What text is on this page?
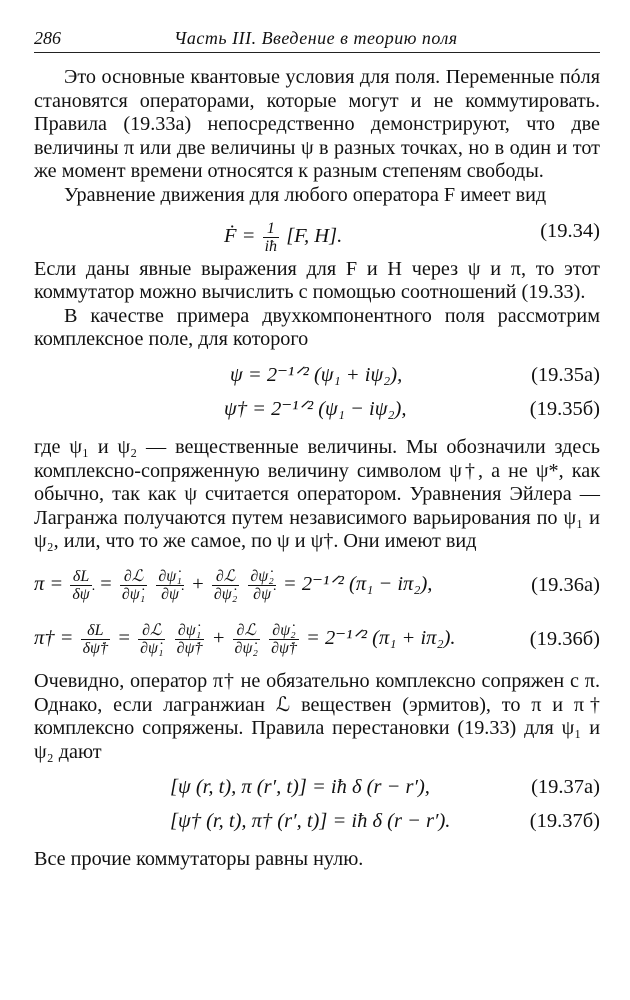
286	Часть III. Введение в теорию поля

Это основные квантовые условия для поля. Переменные пóля становятся операторами, которые могут и не коммутировать. Правила (19.33а) непосредственно демонстрируют, что две величины π или две величины ψ в разных точках, но в один и тот же момент времени относятся к разным степеням свободы.

Уравнение движения для любого оператора F имеет вид

Ḟ = $\frac{1}{iħ} [F$, H].	(19.34)

Если даны явные выражения для F и H через ψ и π, то этот коммутатор можно вычислить с помощью соотношений (19.33).

В качестве примера двухкомпонентного поля рассмотрим комплексное поле, для которого

ψ = 2⁻¹ᐟ² (ψ₁ + iψ₂),	(19.35а)
ψ† = 2⁻¹ᐟ² (ψ₁ − iψ₂),	(19.35б)

где ψ₁ и ψ₂ — вещественные величины. Мы обозначили здесь комплексно-сопряженную величину символом ψ†, а не ψ*, как обычно, так как ψ считается оператором. Уравнения Эйлера — Лагранжа получаются путем независимого варьирования по ψ₁ и ψ₂, или, что то же самое, по ψ и ψ†. Они имеют вид

$\pi = \frac{\delta L}{\delta\psi̇} = \frac{\text{∂ℒ}}{\text{∂ψ̇₁}}$
$\frac{\text{∂ψ̇₁}}{\partial\psi̇} + \frac{\text{∂ℒ}}{\text{∂ψ̇₂}}$
$\frac{\text{∂ψ̇₂}}{\partial\psi̇}$ = 2⁻¹ᐟ² (π₁ − iπ₂),	(19.36а)
π† = $\frac{\delta L}{\delta\psi̇\dagger} = \frac{\text{∂ℒ}}{\text{∂ψ̇₁}}$
$\frac{\text{∂ψ̇₁}}{\partial\psi̇\dagger} + \frac{\text{∂ℒ}}{\text{∂ψ̇₂}}$
$\frac{\text{∂ψ̇₂}}{\partial\psi̇\dagger}$ = 2⁻¹ᐟ² (π₁ + iπ₂).	(19.36б)

Очевидно, оператор π† не обязательно комплексно сопряжен с π. Однако, если лагранжиан ℒ веществен (эрмитов), то π и π† комплексно сопряжены. Правила перестановки (19.33) для ψ₁ и ψ₂ дают

[ψ (r, t), π (r′, t)] = iħ δ (r − r′),	(19.37а)
[ψ† (r, t), π† (r′, t)] = iħ δ (r − r′).	(19.37б)

Все прочие коммутаторы равны нулю.
